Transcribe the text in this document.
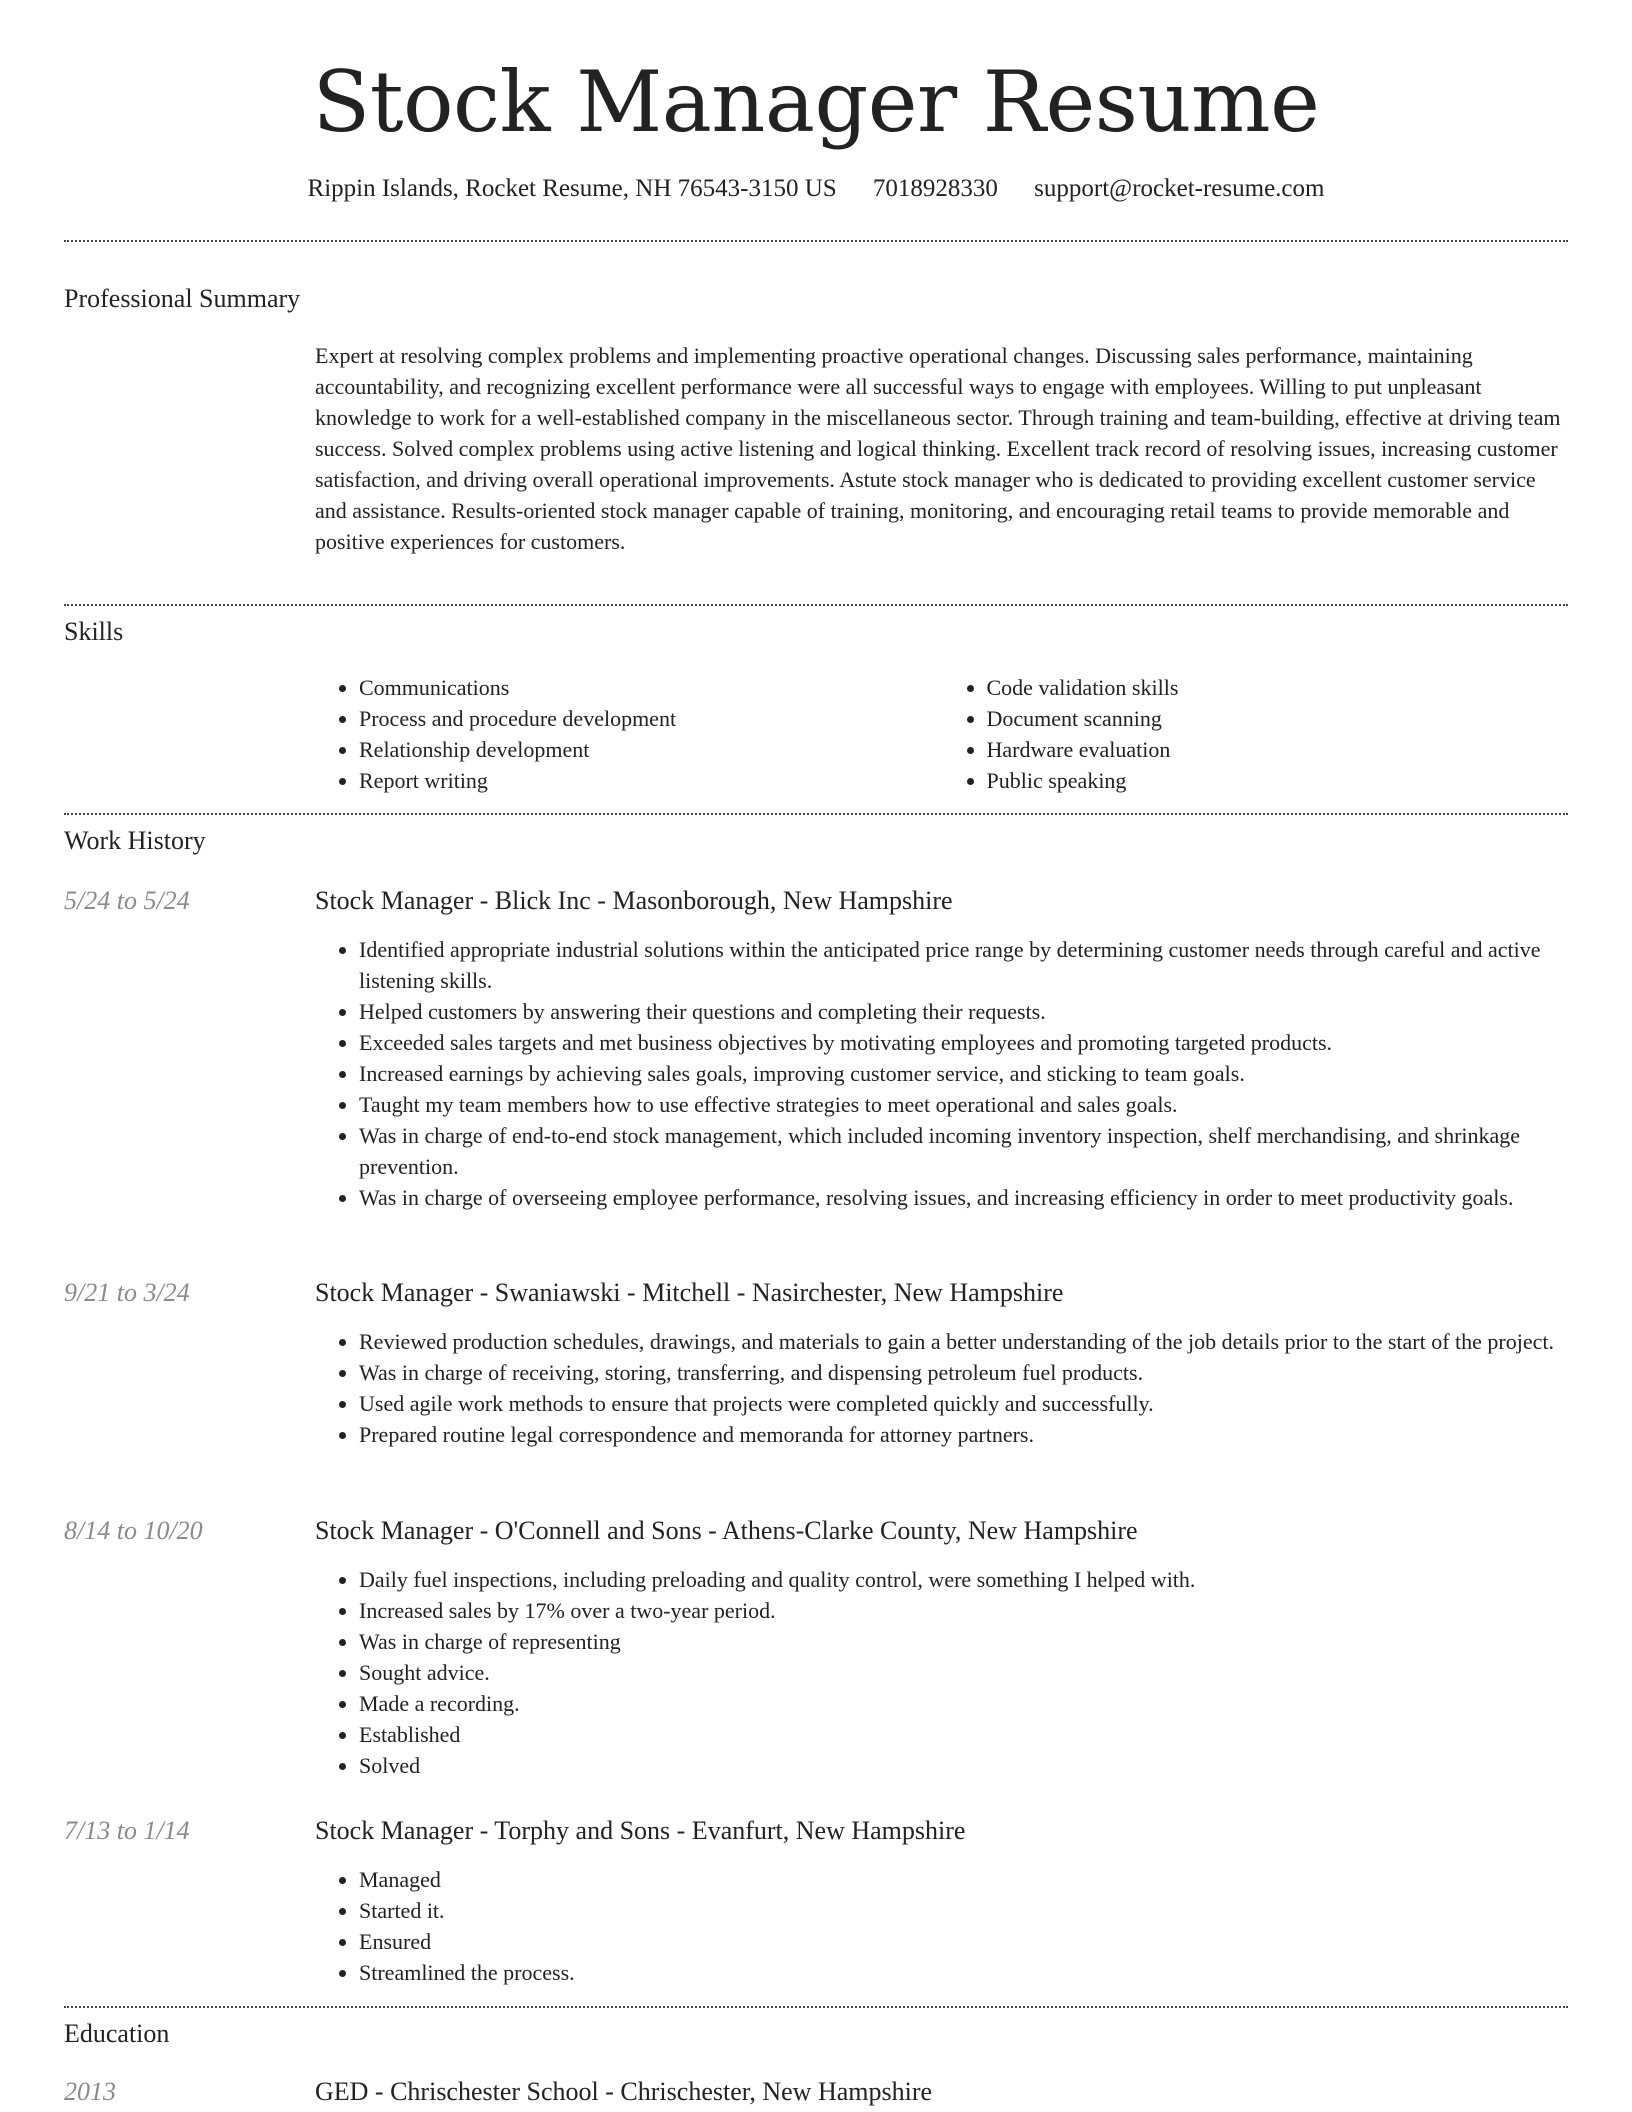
Stock Manager Resume
Rippin Islands, Rocket Resume, NH 76543-3150 US 7018928330 support@rocket-resume.com
Professional Summary
Expert at resolving complex problems and implementing proactive operational changes. Discussing sales performance, maintaining accountability, and recognizing excellent performance were all successful ways to engage with employees. Willing to put unpleasant knowledge to work for a well-established company in the miscellaneous sector. Through training and team-building, effective at driving team success. Solved complex problems using active listening and logical thinking. Excellent track record of resolving issues, increasing customer satisfaction, and driving overall operational improvements. Astute stock manager who is dedicated to providing excellent customer service and assistance. Results-oriented stock manager capable of training, monitoring, and encouraging retail teams to provide memorable and positive experiences for customers.
Skills
• Communications
• Process and procedure development
• Relationship development
• Report writing
• Code validation skills
• Document scanning
• Hardware evaluation
• Public speaking
Work History
5/24 to 5/24	Stock Manager - Blick Inc - Masonborough, New Hampshire
• Identified appropriate industrial solutions within the anticipated price range by determining customer needs through careful and active listening skills.
• Helped customers by answering their questions and completing their requests.
• Exceeded sales targets and met business objectives by motivating employees and promoting targeted products.
• Increased earnings by achieving sales goals, improving customer service, and sticking to team goals.
• Taught my team members how to use effective strategies to meet operational and sales goals.
• Was in charge of end-to-end stock management, which included incoming inventory inspection, shelf merchandising, and shrinkage prevention.
• Was in charge of overseeing employee performance, resolving issues, and increasing efficiency in order to meet productivity goals.
9/21 to 3/24	Stock Manager - Swaniawski - Mitchell - Nasirchester, New Hampshire
• Reviewed production schedules, drawings, and materials to gain a better understanding of the job details prior to the start of the project.
• Was in charge of receiving, storing, transferring, and dispensing petroleum fuel products.
• Used agile work methods to ensure that projects were completed quickly and successfully.
• Prepared routine legal correspondence and memoranda for attorney partners.
8/14 to 10/20	Stock Manager - O'Connell and Sons - Athens-Clarke County, New Hampshire
• Daily fuel inspections, including preloading and quality control, were something I helped with.
• Increased sales by 17% over a two-year period.
• Was in charge of representing
• Sought advice.
• Made a recording.
• Established
• Solved
7/13 to 1/14	Stock Manager - Torphy and Sons - Evanfurt, New Hampshire
• Managed
• Started it.
• Ensured
• Streamlined the process.
Education
2013	GED - Chrischester School - Chrischester, New Hampshire
